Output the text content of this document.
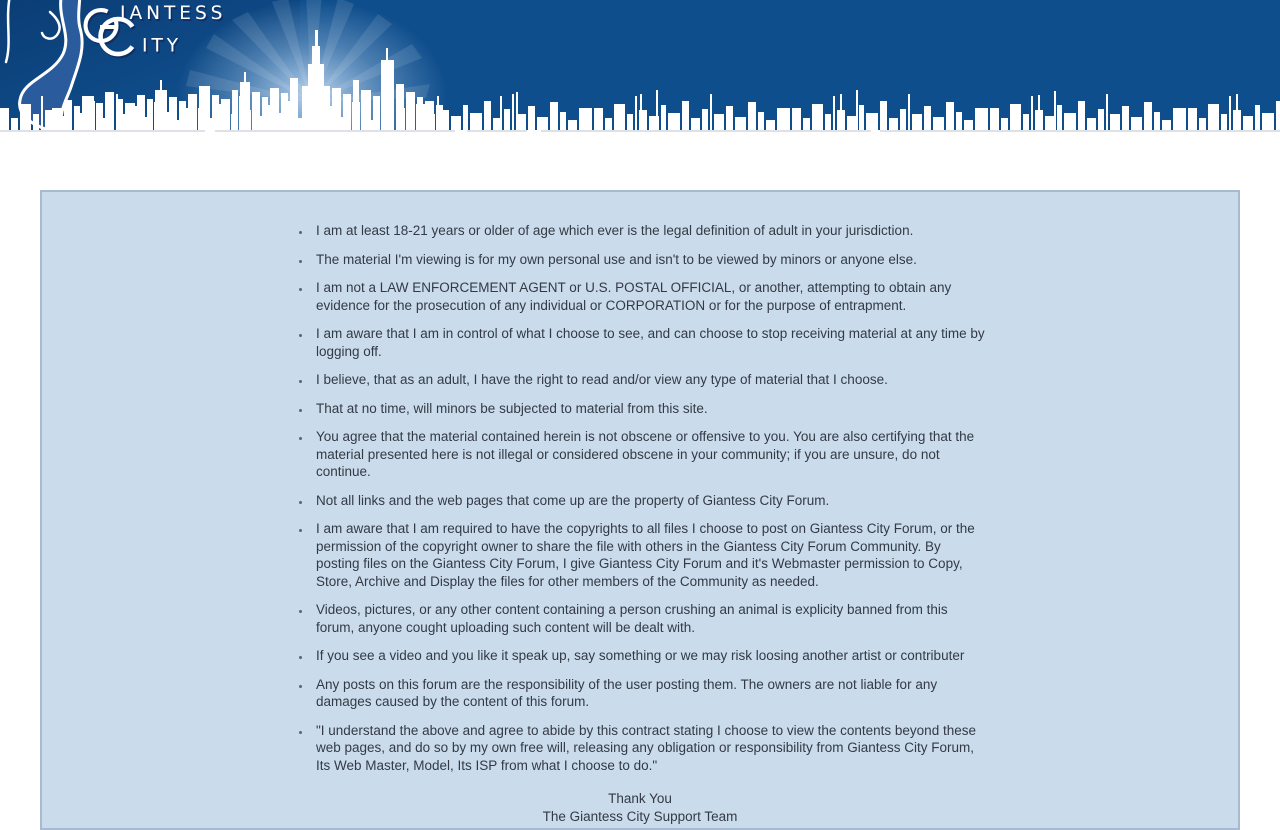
IANTESS
ITY
• I am at least 18-21 years or older of age which ever is the legal definition of adult in your jurisdiction.
• The material I'm viewing is for my own personal use and isn't to be viewed by minors or anyone else.
• I am not a LAW ENFORCEMENT AGENT or U.S. POSTAL OFFICIAL, or another, attempting to obtain any evidence for the prosecution of any individual or CORPORATION or for the purpose of entrapment.
• I am aware that I am in control of what I choose to see, and can choose to stop receiving material at any time by logging off.
• I believe, that as an adult, I have the right to read and/or view any type of material that I choose.
• That at no time, will minors be subjected to material from this site.
• You agree that the material contained herein is not obscene or offensive to you. You are also certifying that the material presented here is not illegal or considered obscene in your community; if you are unsure, do not continue.
• Not all links and the web pages that come up are the property of Giantess City Forum.
• I am aware that I am required to have the copyrights to all files I choose to post on Giantess City Forum, or the permission of the copyright owner to share the file with others in the Giantess City Forum Community. By posting files on the Giantess City Forum, I give Giantess City Forum and it's Webmaster permission to Copy, Store, Archive and Display the files for other members of the Community as needed.
• Videos, pictures, or any other content containing a person crushing an animal is explicity banned from this forum, anyone cought uploading such content will be dealt with.
• If you see a video and you like it speak up, say something or we may risk loosing another artist or contributer
• Any posts on this forum are the responsibility of the user posting them. The owners are not liable for any damages caused by the content of this forum.
• "I understand the above and agree to abide by this contract stating I choose to view the contents beyond these web pages, and do so by my own free will, releasing any obligation or responsibility from Giantess City Forum, Its Web Master, Model, Its ISP from what I choose to do."
Thank You
The Giantess City Support Team
